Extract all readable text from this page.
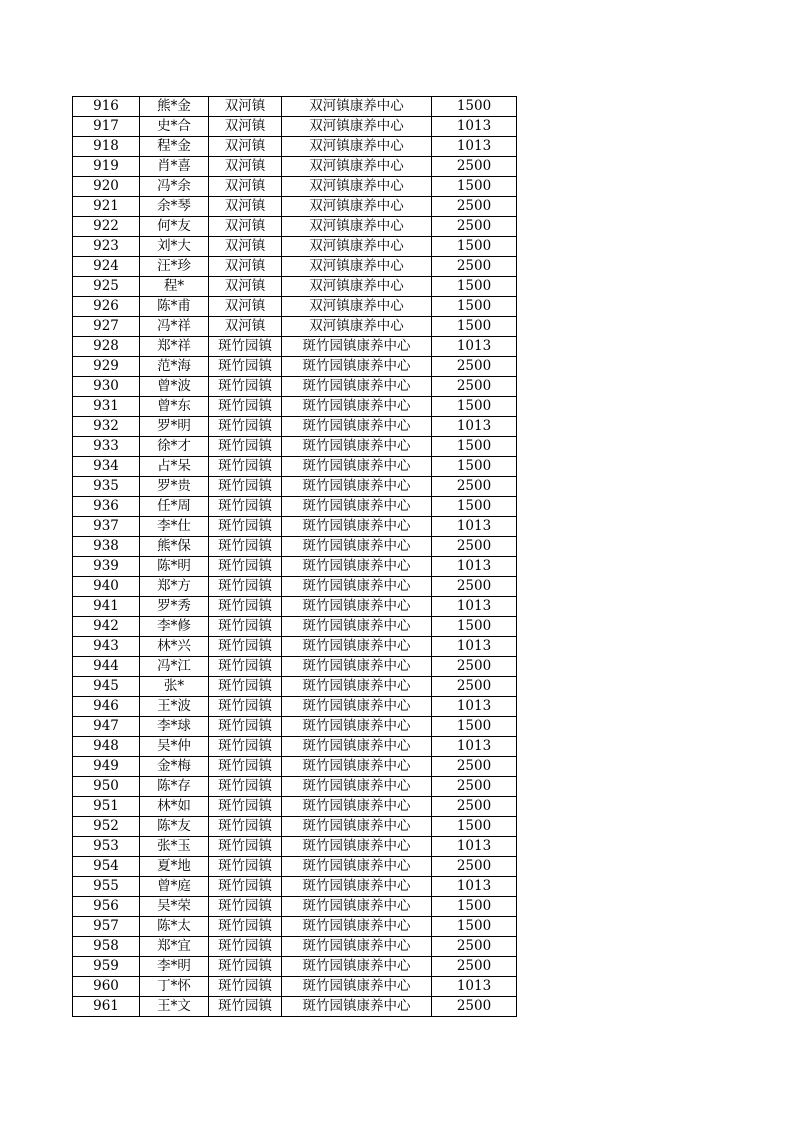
916	熊*金	双河镇	双河镇康养中心	1500
917	史*合	双河镇	双河镇康养中心	1013
918	程*金	双河镇	双河镇康养中心	1013
919	肖*喜	双河镇	双河镇康养中心	2500
920	冯*余	双河镇	双河镇康养中心	1500
921	余*琴	双河镇	双河镇康养中心	2500
922	何*友	双河镇	双河镇康养中心	2500
923	刘*大	双河镇	双河镇康养中心	1500
924	汪*珍	双河镇	双河镇康养中心	2500
925	程*	双河镇	双河镇康养中心	1500
926	陈*甫	双河镇	双河镇康养中心	1500
927	冯*祥	双河镇	双河镇康养中心	1500
928	郑*祥	斑竹园镇	斑竹园镇康养中心	1013
929	范*海	斑竹园镇	斑竹园镇康养中心	2500
930	曾*波	斑竹园镇	斑竹园镇康养中心	2500
931	曾*东	斑竹园镇	斑竹园镇康养中心	1500
932	罗*明	斑竹园镇	斑竹园镇康养中心	1013
933	徐*才	斑竹园镇	斑竹园镇康养中心	1500
934	占*呆	斑竹园镇	斑竹园镇康养中心	1500
935	罗*贵	斑竹园镇	斑竹园镇康养中心	2500
936	任*周	斑竹园镇	斑竹园镇康养中心	1500
937	李*仕	斑竹园镇	斑竹园镇康养中心	1013
938	熊*保	斑竹园镇	斑竹园镇康养中心	2500
939	陈*明	斑竹园镇	斑竹园镇康养中心	1013
940	郑*方	斑竹园镇	斑竹园镇康养中心	2500
941	罗*秀	斑竹园镇	斑竹园镇康养中心	1013
942	李*修	斑竹园镇	斑竹园镇康养中心	1500
943	林*兴	斑竹园镇	斑竹园镇康养中心	1013
944	冯*江	斑竹园镇	斑竹园镇康养中心	2500
945	张*	斑竹园镇	斑竹园镇康养中心	2500
946	王*波	斑竹园镇	斑竹园镇康养中心	1013
947	李*球	斑竹园镇	斑竹园镇康养中心	1500
948	吴*仲	斑竹园镇	斑竹园镇康养中心	1013
949	金*梅	斑竹园镇	斑竹园镇康养中心	2500
950	陈*存	斑竹园镇	斑竹园镇康养中心	2500
951	林*如	斑竹园镇	斑竹园镇康养中心	2500
952	陈*友	斑竹园镇	斑竹园镇康养中心	1500
953	张*玉	斑竹园镇	斑竹园镇康养中心	1013
954	夏*地	斑竹园镇	斑竹园镇康养中心	2500
955	曾*庭	斑竹园镇	斑竹园镇康养中心	1013
956	吴*荣	斑竹园镇	斑竹园镇康养中心	1500
957	陈*太	斑竹园镇	斑竹园镇康养中心	1500
958	郑*宜	斑竹园镇	斑竹园镇康养中心	2500
959	李*明	斑竹园镇	斑竹园镇康养中心	2500
960	丁*怀	斑竹园镇	斑竹园镇康养中心	1013
961	王*文	斑竹园镇	斑竹园镇康养中心	2500
